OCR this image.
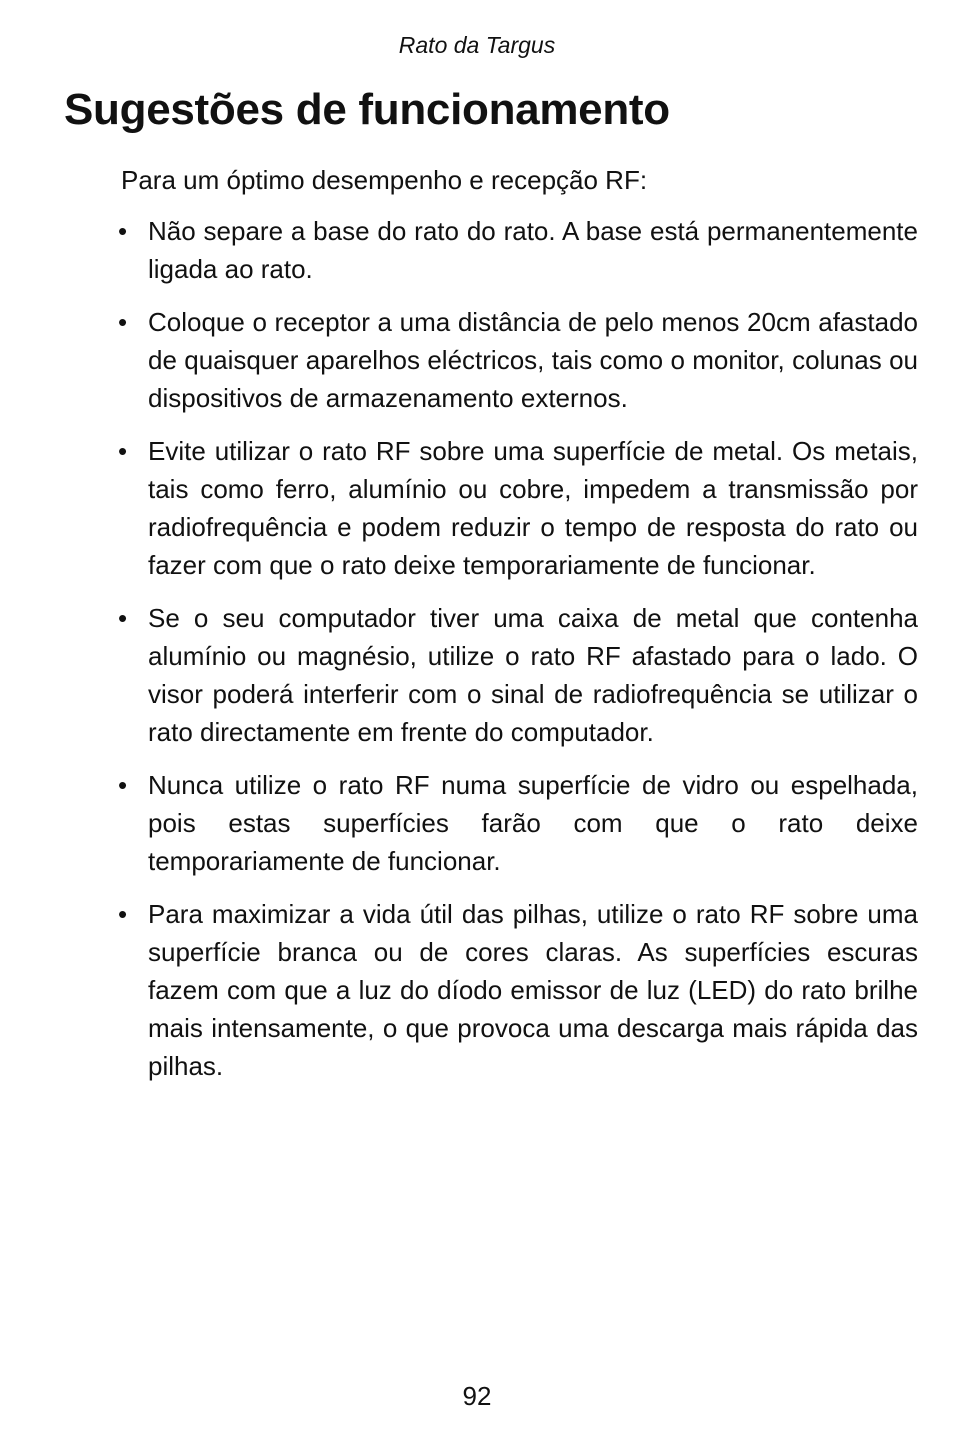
Rato da Targus
Sugestões de funcionamento

Para um óptimo desempenho e recepção RF:

• Não separe a base do rato do rato. A base está permanentemente ligada ao rato.
• Coloque o receptor a uma distância de pelo menos 20cm afastado de quaisquer aparelhos eléctricos, tais como o monitor, colunas ou dispositivos de armazenamento externos.
• Evite utilizar o rato RF sobre uma superfície de metal. Os metais, tais como ferro, alumínio ou cobre, impedem a transmissão por radiofrequência e podem reduzir o tempo de resposta do rato ou fazer com que o rato deixe temporariamente de funcionar.
• Se o seu computador tiver uma caixa de metal que contenha alumínio ou magnésio, utilize o rato RF afastado para o lado. O visor poderá interferir com o sinal de radiofrequência se utilizar o rato directamente em frente do computador.
• Nunca utilize o rato RF numa superfície de vidro ou espelhada, pois estas superfícies farão com que o rato deixe temporariamente de funcionar.
• Para maximizar a vida útil das pilhas, utilize o rato RF sobre uma superfície branca ou de cores claras. As superfícies escuras fazem com que a luz do díodo emissor de luz (LED) do rato brilhe mais intensamente, o que provoca uma descarga mais rápida das pilhas.
92
